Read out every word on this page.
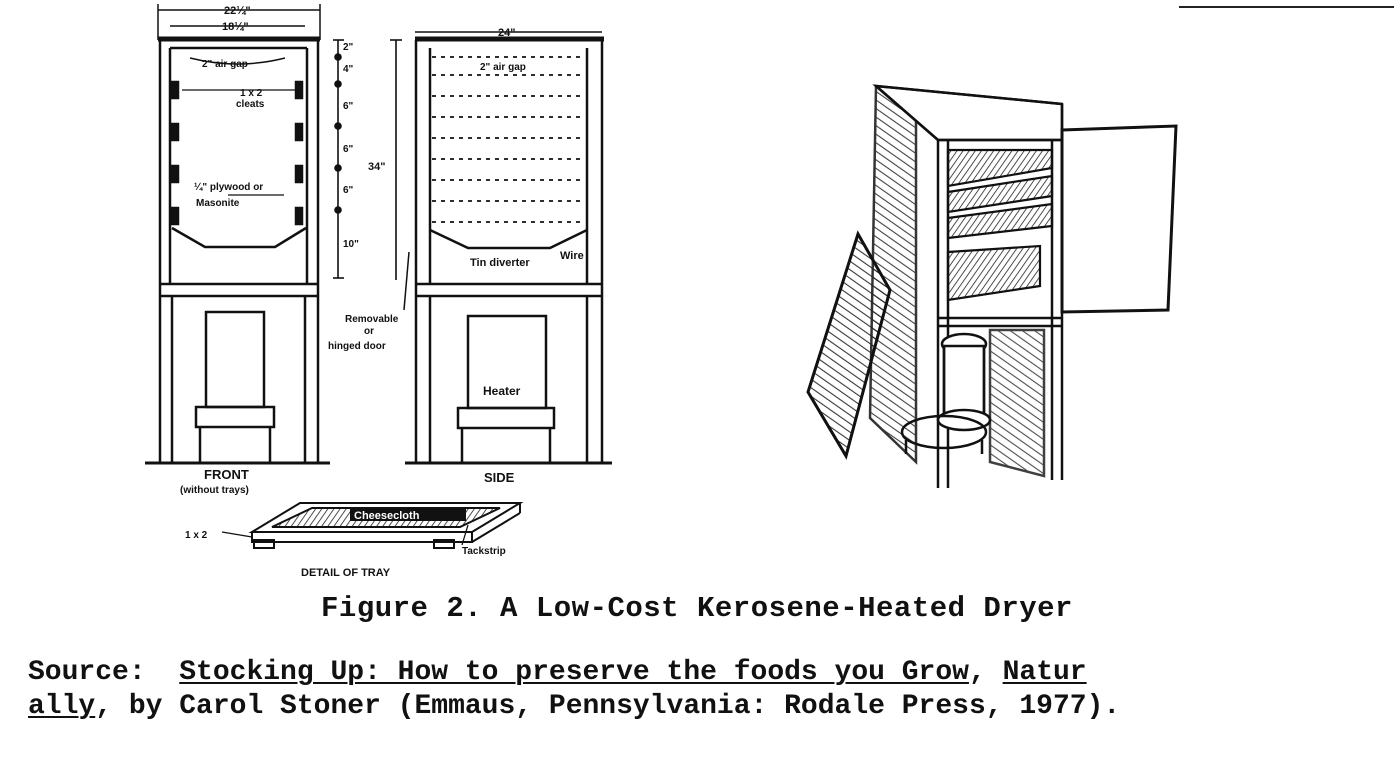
22¼"
18¼"
2" air gap
1 x 2
cleats
¼" plywood or
Masonite
FRONT
(without trays)
2"
4"
6"
6"
6"
10"
34"
24"
2" air gap
Tin diverter
Wire
Removable
or
hinged door
Heater
SIDE
Cheesecloth
1 x 2
Tackstrip
DETAIL OF TRAY
Figure 2. A Low-Cost Kerosene-Heated Dryer
Source: Stocking Up: How to preserve the foods you Grow, Natur
ally, by Carol Stoner (Emmaus, Pennsylvania: Rodale Press, 1977).
